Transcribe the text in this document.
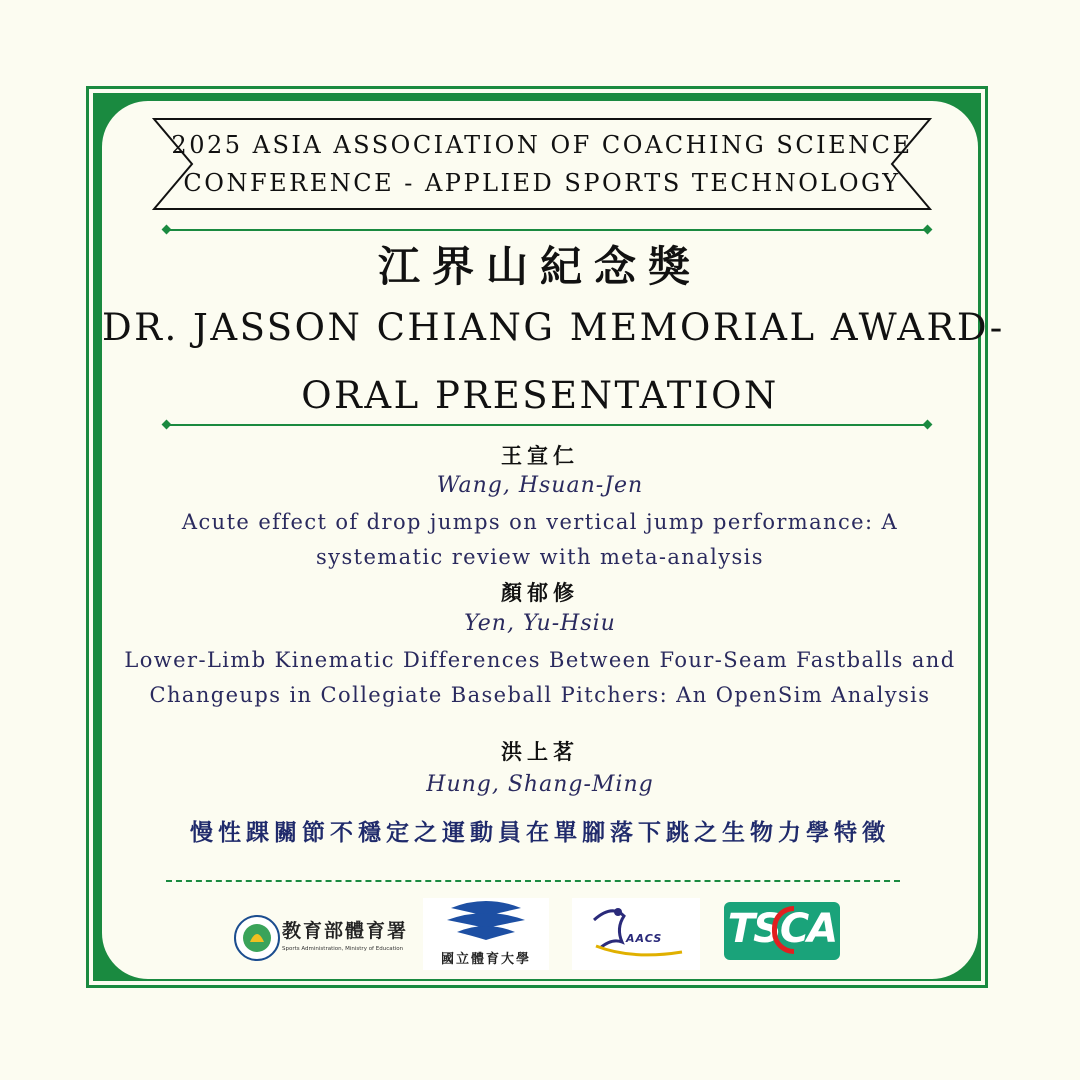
2025 ASIA ASSOCIATION OF COACHING SCIENCE
CONFERENCE - APPLIED SPORTS TECHNOLOGY
江界山紀念獎
DR. JASSON CHIANG MEMORIAL AWARD-
ORAL PRESENTATION
王宣仁
Wang, Hsuan-Jen
Acute effect of drop jumps on vertical jump performance: A
systematic review with meta-analysis
顏郁修
Yen, Yu-Hsiu
Lower-Limb Kinematic Differences Between Four-Seam Fastballs and
Changeups in Collegiate Baseball Pitchers: An OpenSim Analysis
洪上茗
Hung, Shang-Ming
慢性踝關節不穩定之運動員在單腳落下跳之生物力學特徵
教育部體育署
Sports Administration, Ministry of Education
國立體育大學
AACS TSCA
